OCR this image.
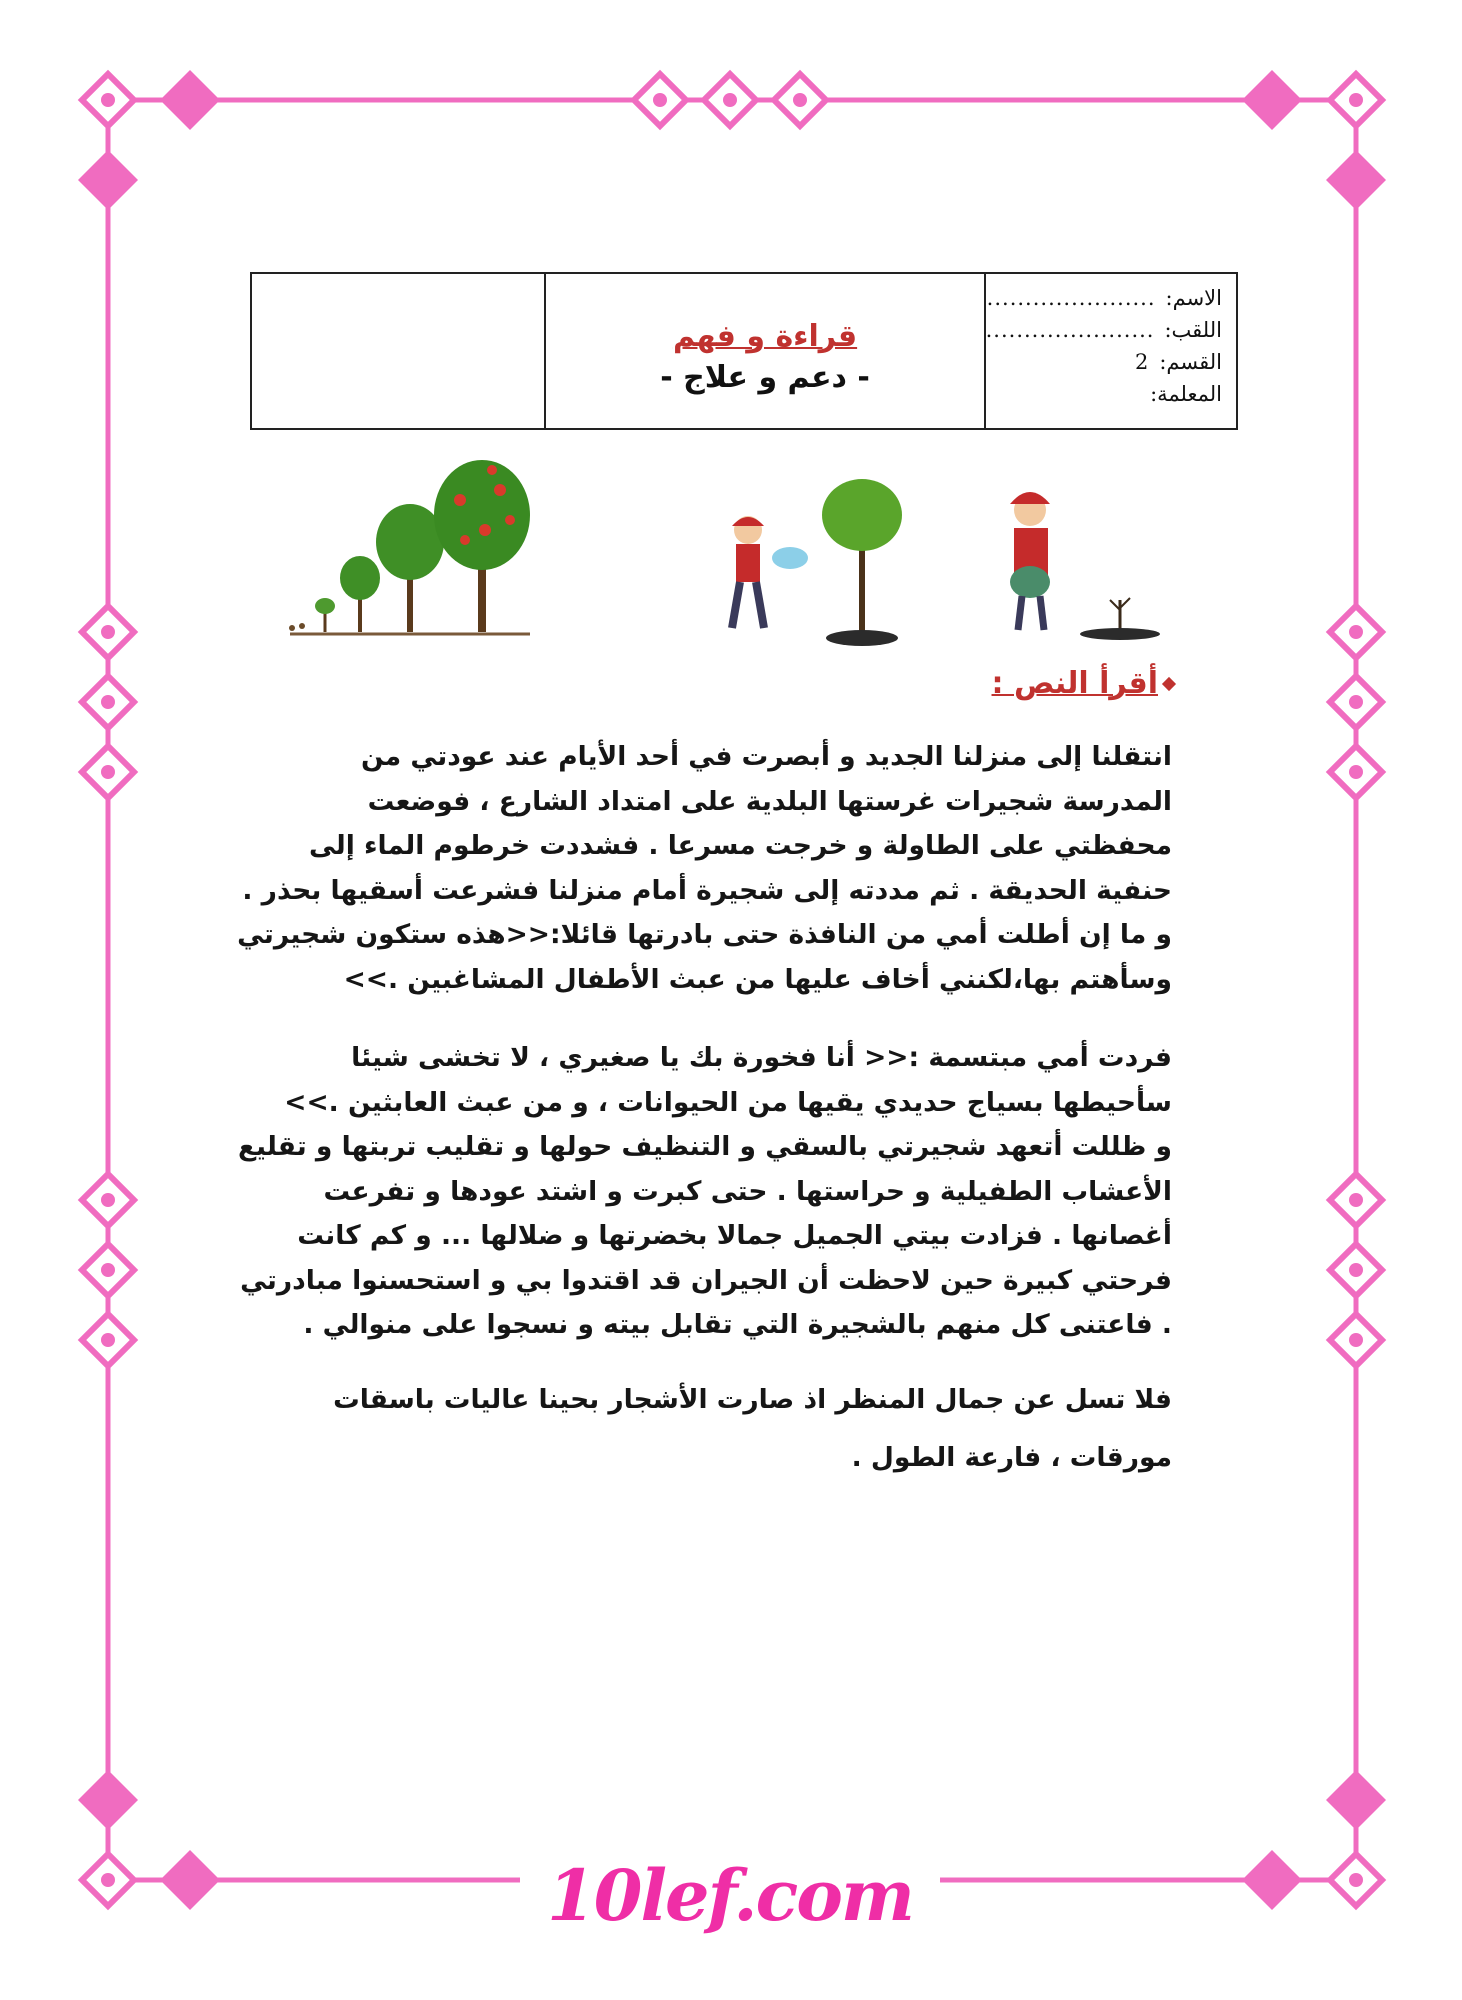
قراءة و فهم
- دعم و علاج -
الاسم:
......................
اللقب:
......................
القسم:
2
المعلمة:
أقرأ النص :
انتقلنا إلى منزلنا الجديد و أبصرت في أحد الأيام عند عودتي من
المدرسة شجيرات غرستها البلدية على امتداد الشارع ، فوضعت
محفظتي على الطاولة و خرجت مسرعا . فشددت خرطوم الماء إلى
حنفية الحديقة . ثم مددته إلى شجيرة أمام منزلنا فشرعت أسقيها بحذر .
و ما إن أطلت أمي من النافذة حتى بادرتها قائلا:<<هذه ستكون شجيرتي
وسأهتم بها،لكنني أخاف عليها من عبث الأطفال المشاغبين .>>
فردت أمي مبتسمة :<< أنا فخورة بك يا صغيري ، لا تخشى شيئا
سأحيطها بسياج حديدي يقيها من الحيوانات ، و من عبث العابثين .>>
و ظللت أتعهد شجيرتي بالسقي و التنظيف حولها و تقليب تربتها و تقليع
الأعشاب الطفيلية و حراستها . حتى كبرت و اشتد عودها و تفرعت
أغصانها . فزادت بيتي الجميل جمالا بخضرتها و ضلالها ... و كم كانت
فرحتي كبيرة حين لاحظت أن الجيران قد اقتدوا بي و استحسنوا مبادرتي
. فاعتنى كل منهم بالشجيرة التي تقابل بيته و نسجوا على منوالي .
فلا تسل عن جمال المنظر اذ صارت الأشجار بحينا عاليات باسقات
مورقات ، فارعة الطول .
10lef.com
